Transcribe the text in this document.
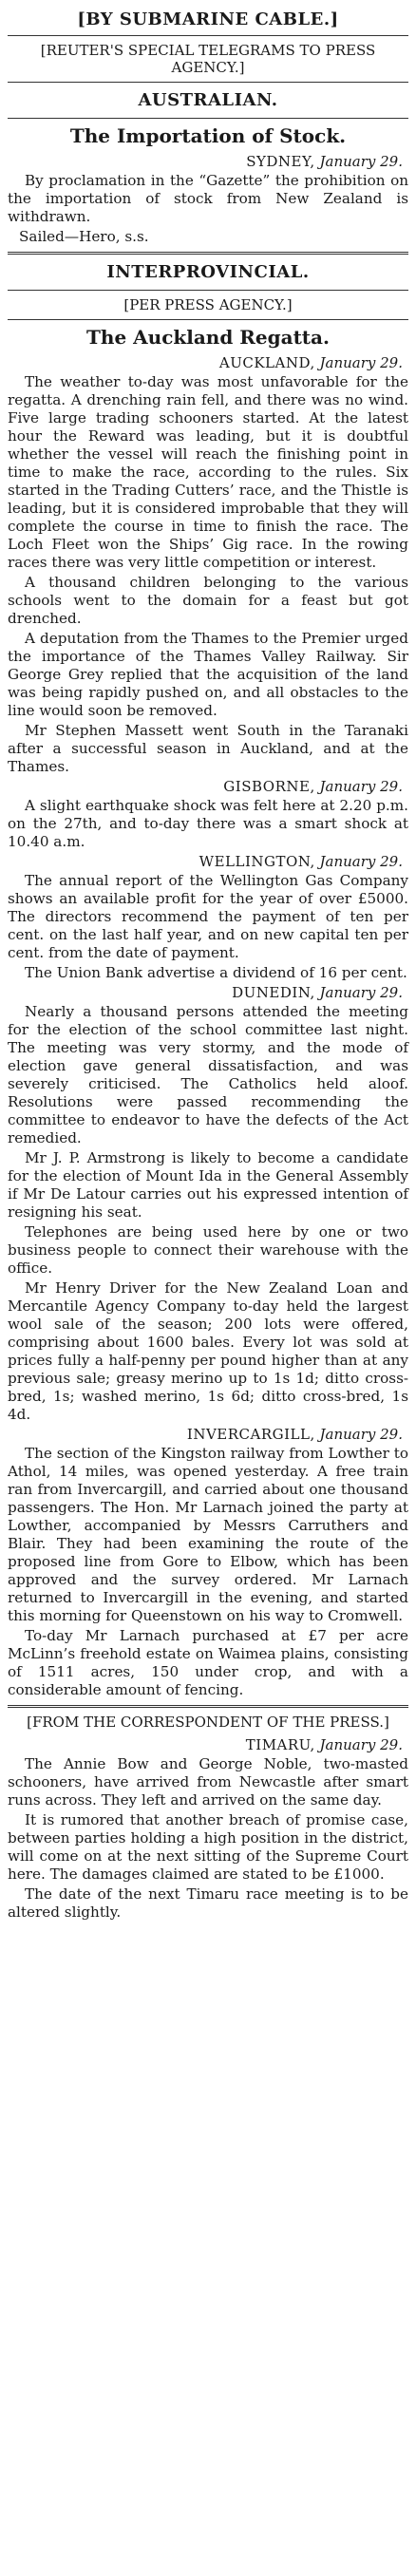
[BY SUBMARINE CABLE.]
[REUTER'S SPECIAL TELEGRAMS TO PRESS AGENCY.]
AUSTRALIAN.
The Importation of Stock.
SYDNEY, January 29.

By proclamation in the “Gazette” the prohibition on the importation of stock from New Zealand is withdrawn.

Sailed—Hero, s.s.

INTERPROVINCIAL.
[PER PRESS AGENCY.]
The Auckland Regatta.
AUCKLAND, January 29.

The weather to-day was most unfavorable for the regatta. A drenching rain fell, and there was no wind. Five large trading schooners started. At the latest hour the Reward was leading, but it is doubtful whether the vessel will reach the finishing point in time to make the race, according to the rules. Six started in the Trading Cutters’ race, and the Thistle is leading, but it is considered improbable that they will complete the course in time to finish the race. The Loch Fleet won the Ships’ Gig race. In the rowing races there was very little competition or interest.

A thousand children belonging to the various schools went to the domain for a feast but got drenched.

A deputation from the Thames to the Premier urged the importance of the Thames Valley Railway. Sir George Grey replied that the acquisition of the land was being rapidly pushed on, and all obstacles to the line would soon be removed.

Mr Stephen Massett went South in the Taranaki after a successful season in Auckland, and at the Thames.

GISBORNE, January 29.

A slight earthquake shock was felt here at 2.20 p.m. on the 27th, and to-day there was a smart shock at 10.40 a.m.

WELLINGTON, January 29.

The annual report of the Wellington Gas Company shows an available profit for the year of over £5000. The directors recommend the payment of ten per cent. on the last half year, and on new capital ten per cent. from the date of payment.

The Union Bank advertise a dividend of 16 per cent.

DUNEDIN, January 29.

Nearly a thousand persons attended the meeting for the election of the school committee last night. The meeting was very stormy, and the mode of election gave general dissatisfaction, and was severely criticised. The Catholics held aloof. Resolutions were passed recommending the committee to endeavor to have the defects of the Act remedied.

Mr J. P. Armstrong is likely to become a candidate for the election of Mount Ida in the General Assembly if Mr De Latour carries out his expressed intention of resigning his seat.

Telephones are being used here by one or two business people to connect their warehouse with the office.

Mr Henry Driver for the New Zealand Loan and Mercantile Agency Company to-day held the largest wool sale of the season; 200 lots were offered, comprising about 1600 bales. Every lot was sold at prices fully a half-penny per pound higher than at any previous sale; greasy merino up to 1s 1d; ditto cross-bred, 1s; washed merino, 1s 6d; ditto cross-bred, 1s 4d.

INVERCARGILL, January 29.

The section of the Kingston railway from Lowther to Athol, 14 miles, was opened yesterday. A free train ran from Invercargill, and carried about one thousand passengers. The Hon. Mr Larnach joined the party at Lowther, accompanied by Messrs Carruthers and Blair. They had been examining the route of the proposed line from Gore to Elbow, which has been approved and the survey ordered. Mr Larnach returned to Invercargill in the evening, and started this morning for Queenstown on his way to Cromwell.

To-day Mr Larnach purchased at £7 per acre McLinn’s freehold estate on Waimea plains, consisting of 1511 acres, 150 under crop, and with a considerable amount of fencing.

[FROM THE CORRESPONDENT OF THE PRESS.]
TIMARU, January 29.

The Annie Bow and George Noble, two-masted schooners, have arrived from Newcastle after smart runs across. They left and arrived on the same day.

It is rumored that another breach of promise case, between parties holding a high position in the district, will come on at the next sitting of the Supreme Court here. The damages claimed are stated to be £1000.

The date of the next Timaru race meeting is to be altered slightly.
